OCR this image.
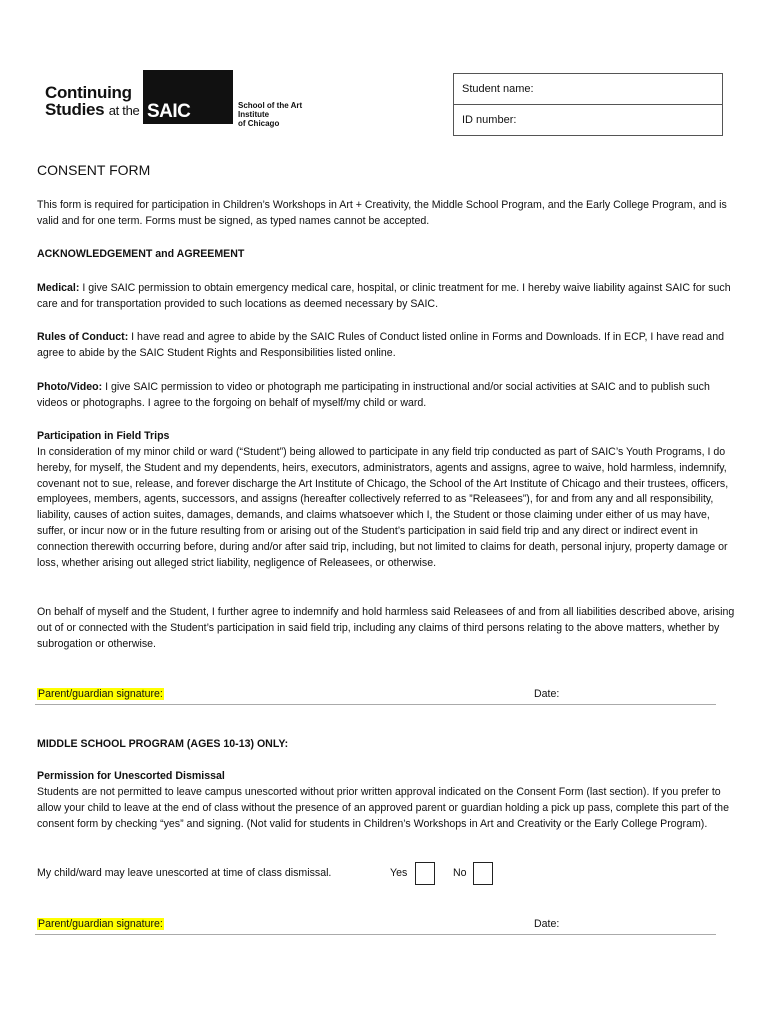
Continuing
Studies at the SAIC	School of the Art Institute
of Chicago
Student name:
ID number:
CONSENT FORM

This form is required for participation in Children’s Workshops in Art + Creativity, the Middle School Program, and the Early College Program, and is valid and for one term. Forms must be signed, as typed names cannot be accepted.

ACKNOWLEDGEMENT and AGREEMENT

Medical: I give SAIC permission to obtain emergency medical care, hospital, or clinic treatment for me. I hereby waive liability against SAIC for such care and for transportation provided to such locations as deemed necessary by SAIC.

Rules of Conduct: I have read and agree to abide by the SAIC Rules of Conduct listed online in Forms and Downloads. If in ECP, I have read and agree to abide by the SAIC Student Rights and Responsibilities listed online.

Photo/Video: I give SAIC permission to video or photograph me participating in instructional and/or social activities at SAIC and to publish such videos or photographs. I agree to the forgoing on behalf of myself/my child or ward.

Participation in Field Trips

In consideration of my minor child or ward (“Student”) being allowed to participate in any field trip conducted as part of SAIC’s Youth Programs, I do hereby, for myself, the Student and my dependents, heirs, executors, administrators, agents and assigns, agree to waive, hold harmless, indemnify, covenant not to sue, release, and forever discharge the Art Institute of Chicago, the School of the Art Institute of Chicago and their trustees, officers, employees, members, agents, successors, and assigns (hereafter collectively referred to as ”Releasees”), for and from any and all responsibility, liability, causes of action suites, damages, demands, and claims whatsoever which I, the Student or those claiming under either of us may have, suffer, or incur now or in the future resulting from or arising out of the Student’s participation in said field trip and any direct or indirect event in connection therewith occurring before, during and/or after said trip, including, but not limited to claims for death, personal injury, property damage or loss, whether arising out alleged strict liability, negligence of Releasees, or otherwise.

On behalf of myself and the Student, I further agree to indemnify and hold harmless said Releasees of and from all liabilities described above, arising out of or connected with the Student’s participation in said field trip, including any claims of third persons relating to the above matters, whether by subrogation or otherwise.

Parent/guardian signature:	Date:

MIDDLE SCHOOL PROGRAM (AGES 10-13) ONLY:

Permission for Unescorted Dismissal

Students are not permitted to leave campus unescorted without prior written approval indicated on the Consent Form (last section). If you prefer to allow your child to leave at the end of class without the presence of an approved parent or guardian holding a pick up pass, complete this part of the consent form by checking “yes” and signing. (Not valid for students in Children’s Workshops in Art and Creativity or the Early College Program).

My child/ward may leave unescorted at time of class dismissal.	Yes	No
Parent/guardian signature:	Date:
